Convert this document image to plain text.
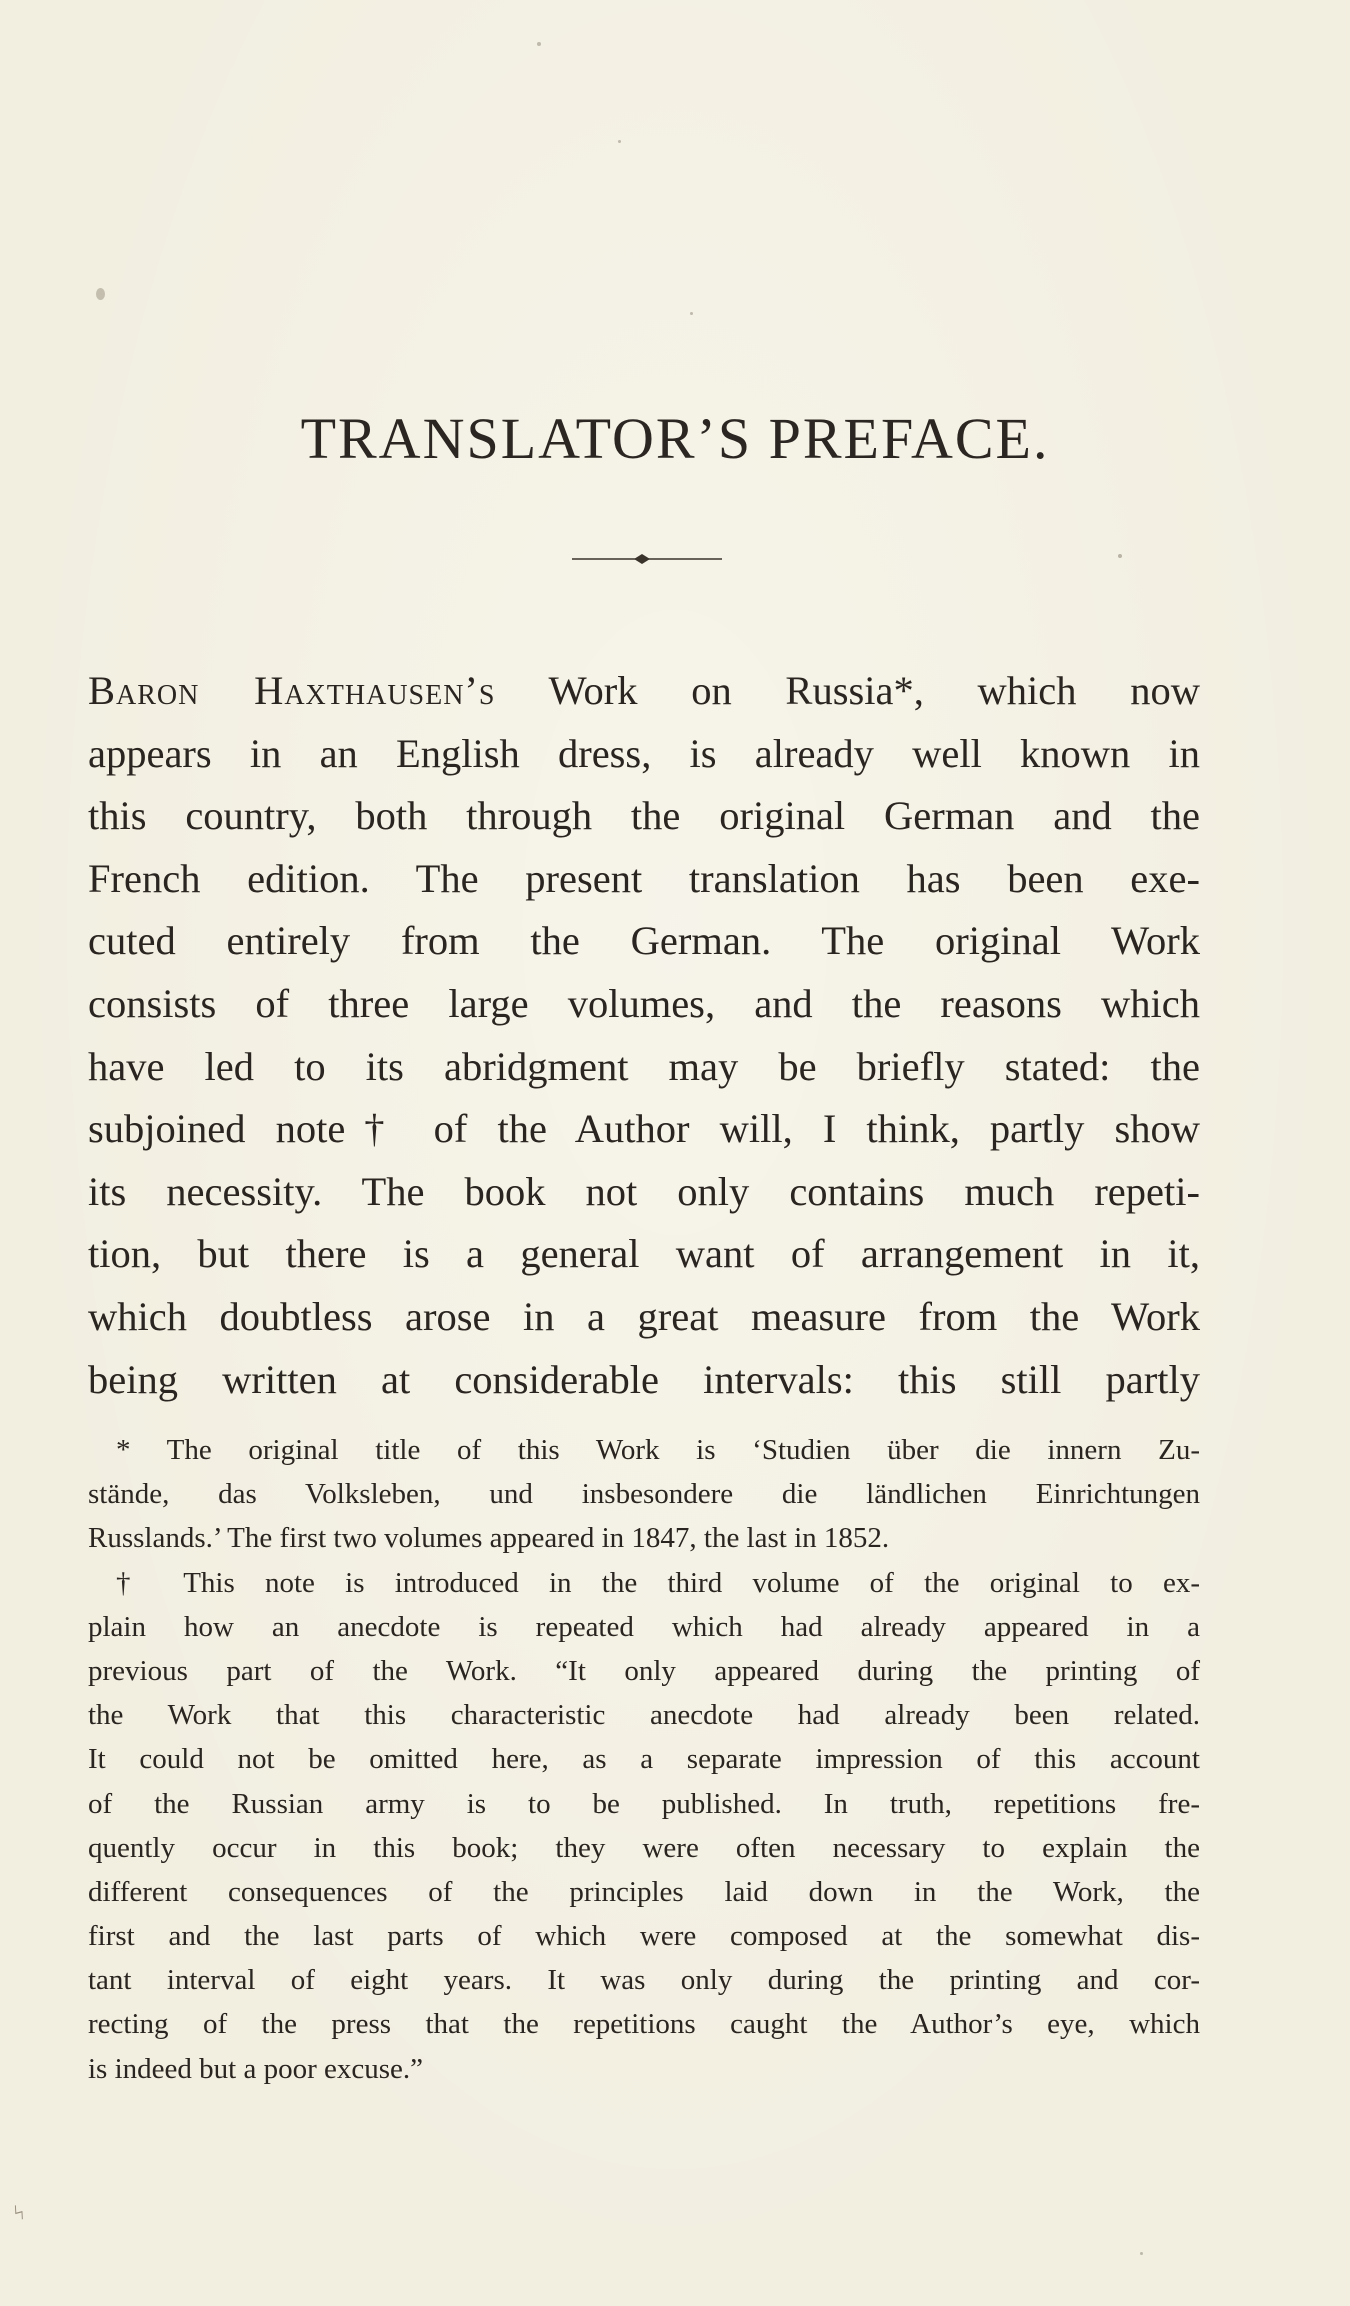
TRANSLATOR’S PREFACE.
Baron Haxthausen’s Work on Russia*, which now
appears in an English dress, is already well known in
this country, both through the original German and the
French edition. The present translation has been exe-
cuted entirely from the German. The original Work
consists of three large volumes, and the reasons which
have led to its abridgment may be briefly stated: the
subjoined note† of the Author will, I think, partly show
its necessity. The book not only contains much repeti-
tion, but there is a general want of arrangement in it,
which doubtless arose in a great measure from the Work
being written at considerable intervals: this still partly
* The original title of this Work is ‘Studien über die innern Zu-
stände, das Volksleben, und insbesondere die ländlichen Einrichtungen
Russlands.’ The first two volumes appeared in 1847, the last in 1852.
† This note is introduced in the third volume of the original to ex-
plain how an anecdote is repeated which had already appeared in a
previous part of the Work. “It only appeared during the printing of
the Work that this characteristic anecdote had already been related.
It could not be omitted here, as a separate impression of this account
of the Russian army is to be published. In truth, repetitions fre-
quently occur in this book; they were often necessary to explain the
different consequences of the principles laid down in the Work, the
first and the last parts of which were composed at the somewhat dis-
tant interval of eight years. It was only during the printing and cor-
recting of the press that the repetitions caught the Author’s eye, which
is indeed but a poor excuse.”
ϟ
